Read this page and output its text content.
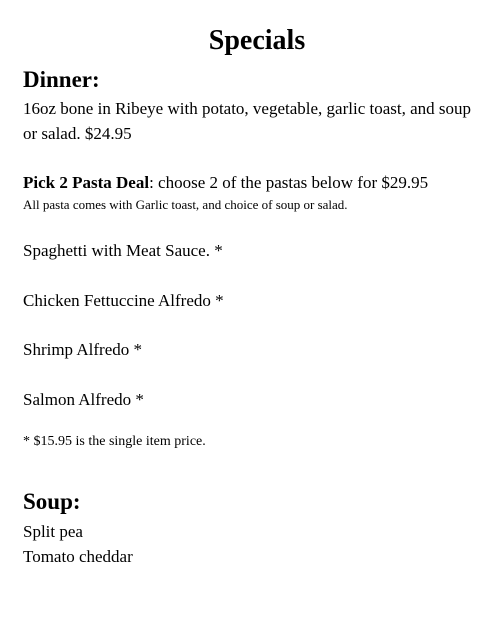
Specials
Dinner:

16oz bone in Ribeye with potato, vegetable, garlic toast, and soup or salad. $24.95

Pick 2 Pasta Deal: choose 2 of the pastas below for $29.95

All pasta comes with Garlic toast, and choice of soup or salad.

Spaghetti with Meat Sauce. *

Chicken Fettuccine Alfredo *

Shrimp Alfredo *

Salmon Alfredo *

* $15.95 is the single item price.

Soup:

Split pea

Tomato cheddar
